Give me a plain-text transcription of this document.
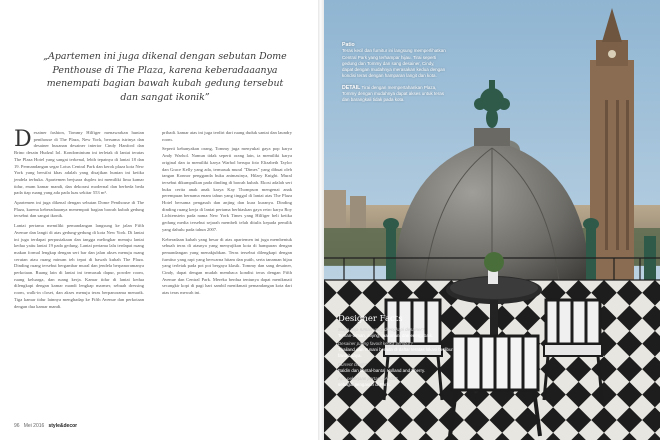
„Apartemen ini juga dikenal dengan sebutan Dome Penthouse di The Plaza, karena keberadaaanya menempati bagian bawah kubah gedung tersebut dan sangat ikonik”
D esainer fashion, Tommy Hilfiger menawarkan hunian penthouse di The Plaza, New York, bersama istrinya dan desainer busanan desainer interior Cindy Hanford dan Brino desain Hudzul Iol. Kondominium ini terletak di lantai teratas The Plaza Hotel yang sangat terkenal, lebih tepatnya di lantai 18 dan 19. Permandangan segar Lotus Central Park dan kerok plaza kota New York yang bersifat khas adalah yang disajikan hunian ini ketika jendela terbuka. Apartemen berjuara duplex ini memiliki lima kamar tidur, enam kamar mandi, dan dekorasi modernal dan berbeda beda pada tiap ruang yang ada pada luas sekitar 553 m².

Apartemen ini juga dikenal dengan sebutan Dome Penthouse di The Plaza, karena keberadaaanya menempati bagian bawah kubah gedung tersebut dan sangat ikonik.

Lantai pertama memiliki pemandangan langsung ke jalan Fifth Avenue dan langit di atas gedung-gedung di kota New York. Di lantai ini juga terdapat perpustakaan dan tangga melingkar menuju lantai kedua yaitu lantai 19 pada gedung. Lantai pertama lalu terdapat ruang makan formal lengkap dengan seri bar dan jalan akses menuju ruang cerutan atau ruang minum teh tepat di bawah kubah The Plaza. Dinding ruang tersebut bergambar mural dan jendela berpanoramanya perkotaan. Ruang lain di lantai ini termasuk dapur, powder room, ruang keluarga, dan ruang kerja. Kamar tidur di lantai kedua dilengkapi dengan kamar mandi lengkap marmer, sebuah dressing room, walk-in closet, dan akses menuju teras berpanorama menarik. Tiga kamar tidur lainnya menghadap ke Fifth Avenue dan perkotaan dengan dua kamar mandi.

pribadi. kamar atas ini juga terdiri dari ruang duduk santai dan laundry room.

Seperti kebanyakan orang, Tommy juga menyukai gaya pop karya Andy Warhol. Namun tidak seperti orang lain, ia memiliki karya original dan ia memiliki karya Warhol berupa foto Elizabeth Taylor dan Grace Kelly yang ada, termasuk mural "Dimes" yang dibuat oleh tangan Konnor pengganda buku animasinya, Hilary Knight. Mural tersebut dikumpulkan pada dinding di bawah kubah. Ekosi adalah seri buku cerita anak anak karya Kay Thompson mengenai anak perempuan bernama enam tahun yang tinggal di lantai atas The Plaza Hotel bersama pengasuh dan anjing dan kura kuranya. Dinding dinding ruang kerja di lantai pertama berhiaskan gaya retro karya Roy Lichtenstein pada nama New York Times yang Hilfiger beli ketika gedung media tersebut sejarah membeli telah ditulis kepada pemilik yang dahulu pada tahun 2007.

Keberadaan kubah yang besar di atas apartemen ini juga membentuk sebuah teras di atasnya yang menyajikan kota di hamparan dengan pemandangan yang menakjubkan. Teras tersebut dilengkapi dengan furnitur yang rapi yang berwarna hitam dan putih, serta tanaman hijau yang terletak pada pot pot bergaya klasik. Tommy dan sang desainer, Cindy, dapat dengan mudah membaca kondisi teras dengan Fifth Avenue dan Central Park. Mereka berdua tentunya dapat menikmati secangkir kopi di pagi hari sambil menikmati pemandangan kota dari atas teras mewah ini.

96 Mei 2016 style&decor

Patio
Teras kecil dan furnitur ini langsung memperlihatkan Central Park yang terhampar hijau. Tirai seperti gedung dan Tommy dan sang desainer, Cindy, dapat dengan mudahnya merasakan kedua dengan kondisi teras dengan hamparan langit dan kota.

DETAIL Tirai dengan mempertahankan Plaza, Tommy dengan mudahnya dapat akses untuk teras dan barangkali tidak pada kota.

Designer Facts
Siapa saja rumah yang dilengkapi desainer?
Teman-teman, anjing, makanan, dan energi baik.
Desainer paling favorit ketika berlibur?
Thailand dan Yunani berada di daftar teratas lokasi berlibur favorit saya.
Current crush?
Baldin dan bantal-bantal Holland and Sherry.
Apa pekerjaan pertama Anda?
sebagai pengasuh di Paris.
